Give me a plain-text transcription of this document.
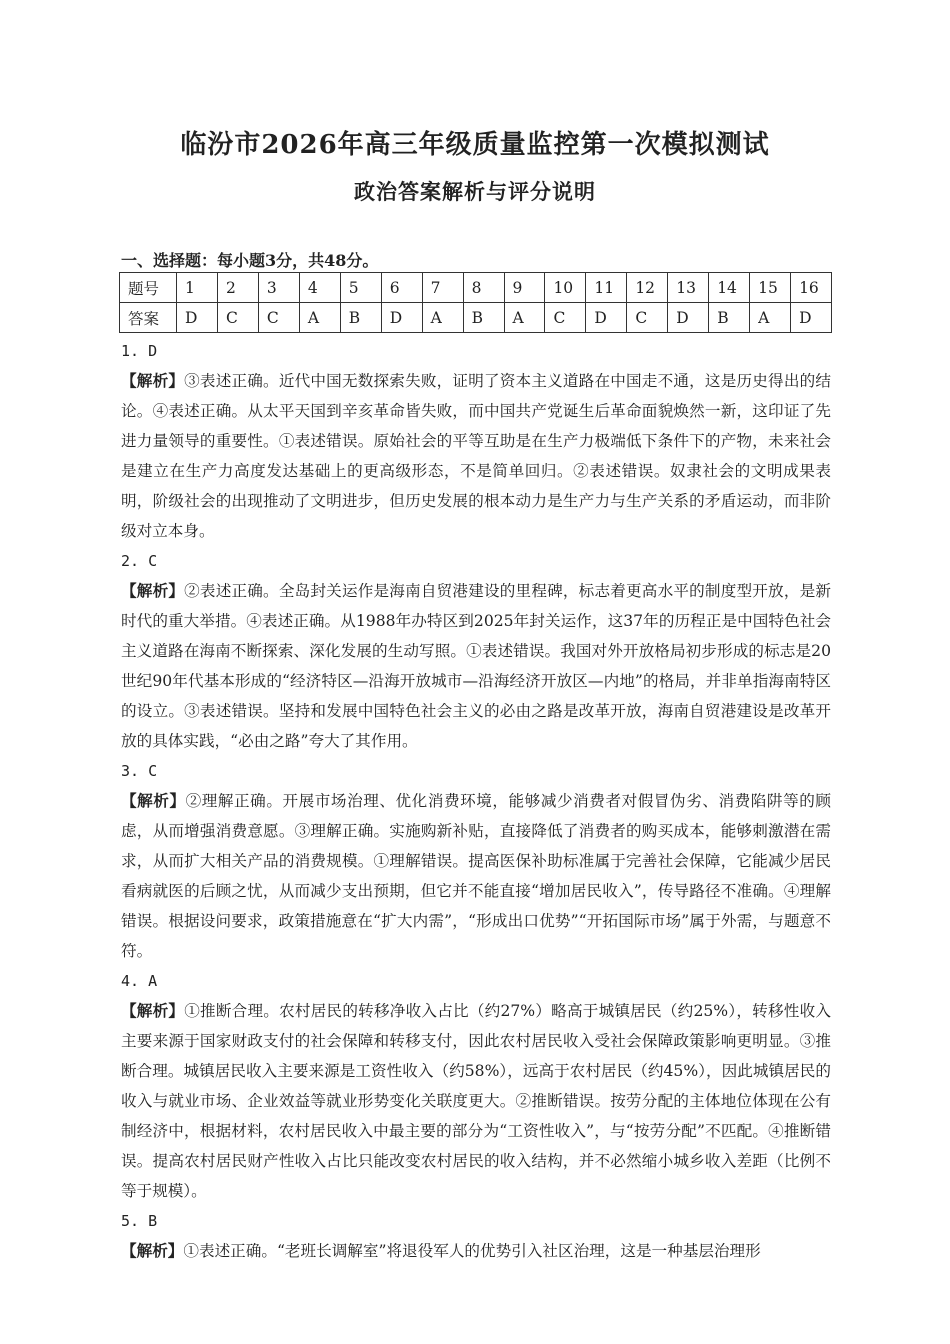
临汾市2026年高三年级质量监控第一次模拟测试
政治答案解析与评分说明
一、选择题：每小题3分，共48分。
题号	1	2	3	4	5	6	7	8	9	10	11	12	13	14	15	16
答案	D	C	C	A	B	D	A	B	A	C	D	C	D	B	A	D
1. D

【解析】③表述正确。近代中国无数探索失败，证明了资本主义道路在中国走不通，这是历史得出的结论。④表述正确。从太平天国到辛亥革命皆失败，而中国共产党诞生后革命面貌焕然一新，这印证了先进力量领导的重要性。①表述错误。原始社会的平等互助是在生产力极端低下条件下的产物，未来社会是建立在生产力高度发达基础上的更高级形态，不是简单回归。②表述错误。奴隶社会的文明成果表明，阶级社会的出现推动了文明进步，但历史发展的根本动力是生产力与生产关系的矛盾运动，而非阶级对立本身。

2. C

【解析】②表述正确。全岛封关运作是海南自贸港建设的里程碑，标志着更高水平的制度型开放，是新时代的重大举措。④表述正确。从1988年办特区到2025年封关运作，这37年的历程正是中国特色社会主义道路在海南不断探索、深化发展的生动写照。①表述错误。我国对外开放格局初步形成的标志是20世纪90年代基本形成的“经济特区—沿海开放城市—沿海经济开放区—内地”的格局，并非单指海南特区的设立。③表述错误。坚持和发展中国特色社会主义的必由之路是改革开放，海南自贸港建设是改革开放的具体实践，“必由之路”夸大了其作用。

3. C

【解析】②理解正确。开展市场治理、优化消费环境，能够减少消费者对假冒伪劣、消费陷阱等的顾虑，从而增强消费意愿。③理解正确。实施购新补贴，直接降低了消费者的购买成本，能够刺激潜在需求，从而扩大相关产品的消费规模。①理解错误。提高医保补助标准属于完善社会保障，它能减少居民看病就医的后顾之忧，从而减少支出预期，但它并不能直接“增加居民收入”，传导路径不准确。④理解错误。根据设问要求，政策措施意在“扩大内需”，“形成出口优势”“开拓国际市场”属于外需，与题意不符。

4. A

【解析】①推断合理。农村居民的转移净收入占比（约27%）略高于城镇居民（约25%），转移性收入主要来源于国家财政支付的社会保障和转移支付，因此农村居民收入受社会保障政策影响更明显。③推断合理。城镇居民收入主要来源是工资性收入（约58%），远高于农村居民（约45%），因此城镇居民的收入与就业市场、企业效益等就业形势变化关联度更大。②推断错误。按劳分配的主体地位体现在公有制经济中，根据材料，农村居民收入中最主要的部分为“工资性收入”，与“按劳分配”不匹配。④推断错误。提高农村居民财产性收入占比只能改变农村居民的收入结构，并不必然缩小城乡收入差距（比例不等于规模）。

5. B

【解析】①表述正确。“老班长调解室”将退役军人的优势引入社区治理，这是一种基层治理形
